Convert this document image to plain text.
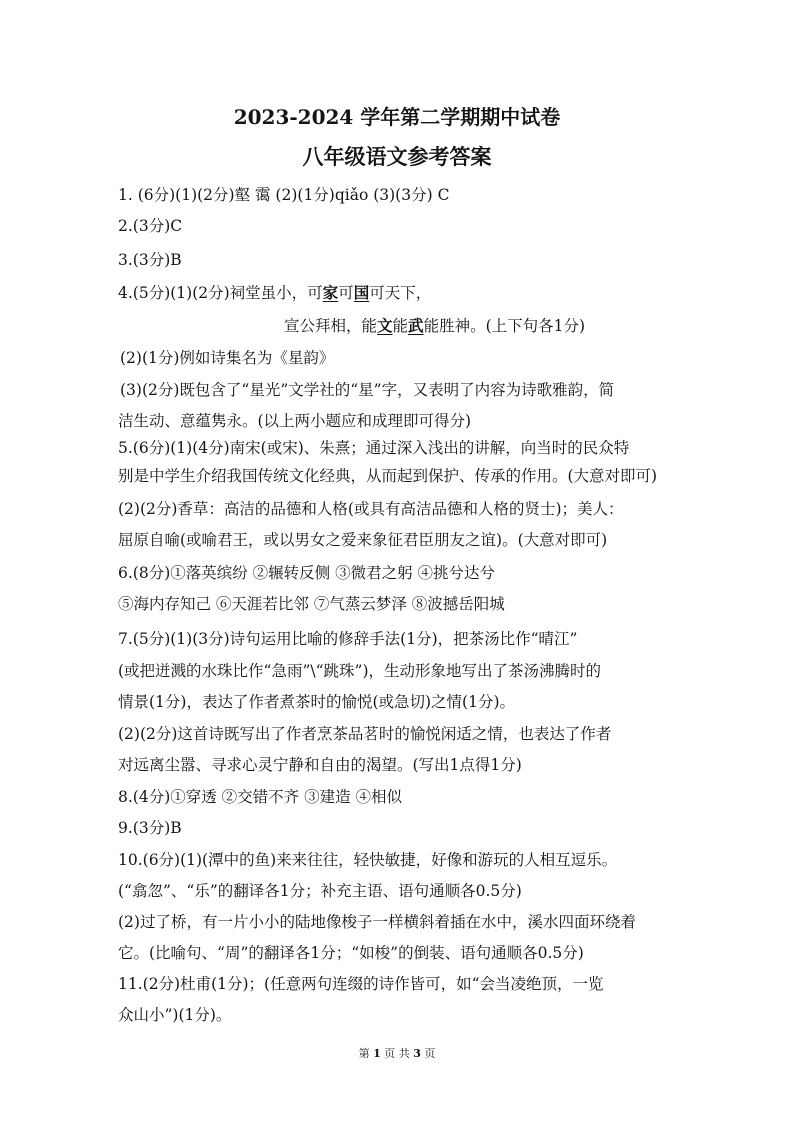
2023-2024 学年第二学期期中试卷
八年级语文参考答案
1. (6分)(1)(2分)壑 霭 (2)(1分)qiǎo (3)(3分) C
2.(3分)C
3.(3分)B
4.(5分)(1)(2分)祠堂虽小，可家可国可天下，
宣公拜相，能文能武能胜神。(上下句各1分)
(2)(1分)例如诗集名为《星韵》
(3)(2分)既包含了“星光”文学社的“星”字，又表明了内容为诗歌雅韵，简
洁生动、意蕴隽永。(以上两小题应和成理即可得分)
5.(6分)(1)(4分)南宋(或宋)、朱熹；通过深入浅出的讲解，向当时的民众特
别是中学生介绍我国传统文化经典，从而起到保护、传承的作用。(大意对即可)
(2)(2分)香草：高洁的品德和人格(或具有高洁品德和人格的贤士)；美人：
屈原自喻(或喻君王，或以男女之爱来象征君臣朋友之谊)。(大意对即可)
6.(8分)①落英缤纷 ②辗转反侧 ③微君之躬 ④挑兮达兮
⑤海内存知己 ⑥天涯若比邻 ⑦气蒸云梦泽 ⑧波撼岳阳城
7.(5分)(1)(3分)诗句运用比喻的修辞手法(1分)，把茶汤比作“晴江”
(或把迸溅的水珠比作“急雨”\“跳珠”)，生动形象地写出了茶汤沸腾时的
情景(1分)，表达了作者煮茶时的愉悦(或急切)之情(1分)。
(2)(2分)这首诗既写出了作者烹茶品茗时的愉悦闲适之情，也表达了作者
对远离尘嚣、寻求心灵宁静和自由的渴望。(写出1点得1分)
8.(4分)①穿透 ②交错不齐 ③建造 ④相似
9.(3分)B
10.(6分)(1)(潭中的鱼)来来往往，轻快敏捷，好像和游玩的人相互逗乐。
(“翕忽”、“乐”的翻译各1分；补充主语、语句通顺各0.5分)
(2)过了桥，有一片小小的陆地像梭子一样横斜着插在水中，溪水四面环绕着
它。(比喻句、“周”的翻译各1分；“如梭”的倒装、语句通顺各0.5分)
11.(2分)杜甫(1分)；(任意两句连缀的诗作皆可，如“会当凌绝顶，一览
众山小”)(1分)。
第 1 页 共 3 页
